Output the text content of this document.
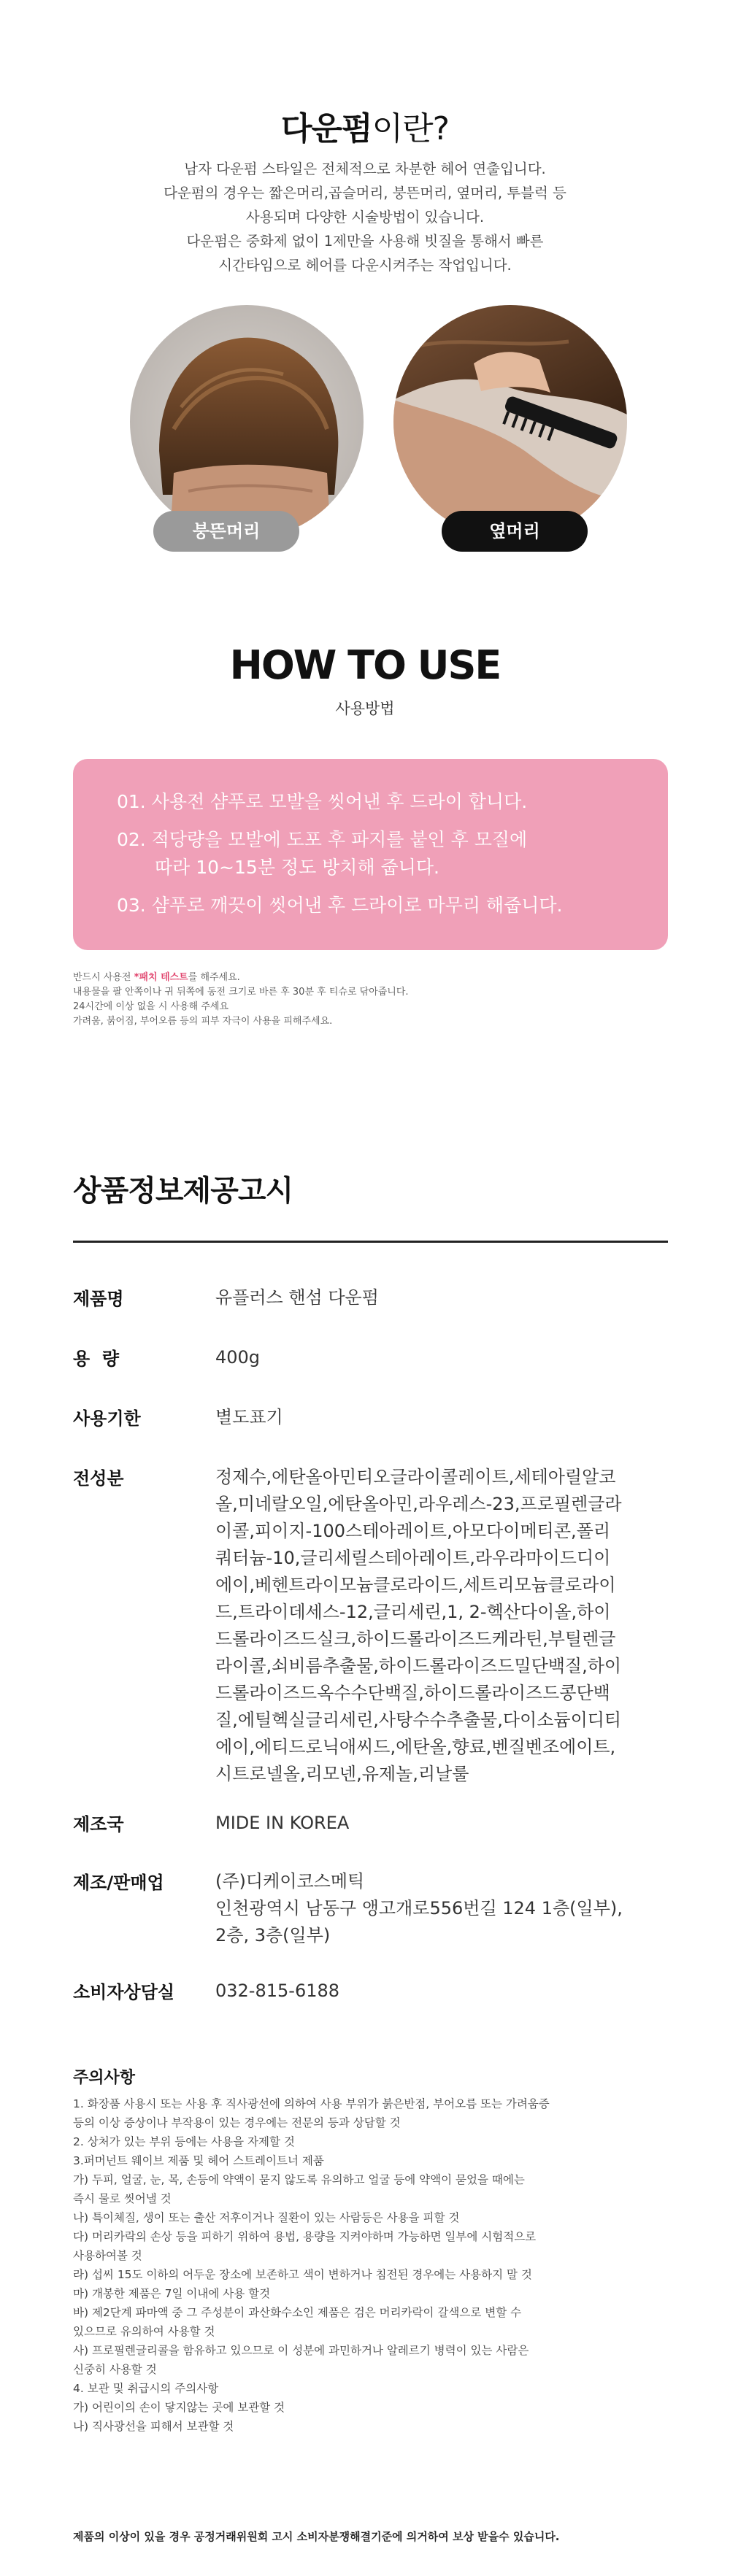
다운펌이란?
남자 다운펌 스타일은 전체적으로 차분한 헤어 연출입니다.
다운펌의 경우는 짧은머리,곱슬머리, 붕뜬머리, 옆머리, 투블럭 등
사용되며 다양한 시술방법이 있습니다.
다운펌은 중화제 없이 1제만을 사용해 빗질을 통해서 빠른
시간타임으로 헤어를 다운시켜주는 작업입니다.
붕뜬머리	옆머리
HOW TO USE
사용방법
01. 사용전 샴푸로 모발을 씻어낸 후 드라이 합니다.
02. 적당량을 모발에 도포 후 파지를 붙인 후 모질에
따라 10~15분 정도 방치해 줍니다.
03. 샴푸로 깨끗이 씻어낸 후 드라이로 마무리 해줍니다.
반드시 사용전 *패치 테스트를 해주세요.
내용물을 팔 안쪽이나 귀 뒤쪽에 동전 크기로 바른 후 30분 후 티슈로 닦아줍니다.
24시간에 이상 없을 시 사용해 주세요
가려움, 붉어짐, 부어오름 등의 피부 자극이 사용을 피해주세요.
상품정보제공고시
제품명	유플러스 핸섬 다운펌
용  량	400g
사용기한	별도표기
전성분	정제수,에탄올아민티오글라이콜레이트,세테아릴알코
올,미네랄오일,에탄올아민,라우레스-23,프로필렌글라
이콜,피이지-100스테아레이트,아모다이메티콘,폴리
쿼터늄-10,글리세릴스테아레이트,라우라마이드디이
에이,베헨트라이모늄클로라이드,세트리모늄클로라이
드,트라이데세스-12,글리세린,1, 2-헥산다이올,하이
드롤라이즈드실크,하이드롤라이즈드케라틴,부틸렌글
라이콜,쇠비름추출물,하이드롤라이즈드밀단백질,하이
드롤라이즈드옥수수단백질,하이드롤라이즈드콩단백
질,에틸헥실글리세린,사탕수수추출물,다이소듐이디티
에이,에티드로닉애씨드,에탄올,향료,벤질벤조에이트,
시트로넬올,리모넨,유제놀,리날룰
제조국	MIDE IN KOREA
제조/판매업	(주)디케이코스메틱
인천광역시 남동구 앵고개로556번길 124 1층(일부),
2층, 3층(일부)
소비자상담실 032-815-6188
주의사항
1. 화장품 사용시 또는 사용 후 직사광선에 의하여 사용 부위가 붉은반점, 부어오름 또는 가려움증
등의 이상 증상이나 부작용이 있는 경우에는 전문의 등과 상담할 것
2. 상처가 있는 부위 등에는 사용을 자제할 것
3.퍼머넌트 웨이브 제품 및 헤어 스트레이트너 제품
가) 두피, 얼굴, 눈, 목, 손등에 약액이 묻지 않도록 유의하고 얼굴 등에 약액이 묻었을 때에는
즉시 물로 씻어낼 것
나) 특이체질, 생이 또는 출산 저후이거나 질환이 있는 사람등은 사용을 피할 것
다) 머리카락의 손상 등을 피하기 위하여 용법, 용량을 지켜야하며 가능하면 일부에 시험적으로
사용하여볼 것
라) 섭씨 15도 이하의 어두운 장소에 보존하고 색이 변하거나 침전된 경우에는 사용하지 말 것
마) 개봉한 제품은 7일 이내에 사용 할것
바) 제2단계 파마액 중 그 주성분이 과산화수소인 제품은 검은 머리카락이 갈색으로 변할 수
있으므로 유의하여 사용할 것
사) 프로필렌글리콜을 함유하고 있으므로 이 성분에 과민하거나 알레르기 병력이 있는 사람은
신중히 사용할 것
4. 보관 및 취급시의 주의사항
가) 어린이의 손이 닿지않는 곳에 보관할 것
나) 직사광선을 피해서 보관할 것
제품의 이상이 있을 경우 공정거래위원회 고시 소비자분쟁해결기준에 의거하여 보상 받을수 있습니다.
